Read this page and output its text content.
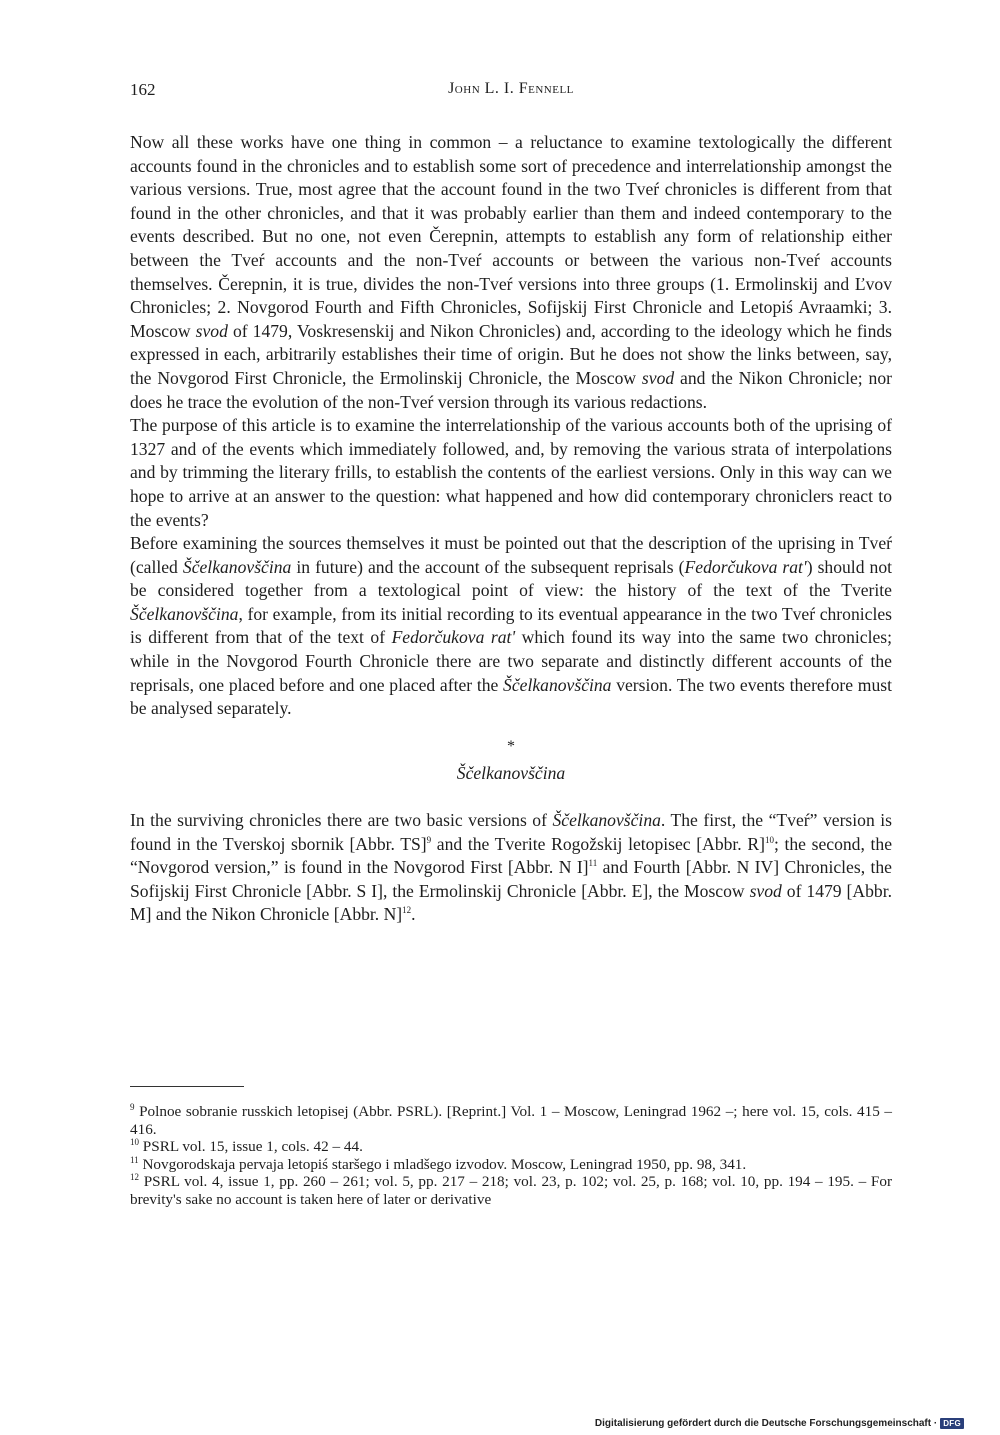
162	John L. I. Fennell

Now all these works have one thing in common – a reluctance to examine textologically the different accounts found in the chronicles and to establish some sort of precedence and interrelationship amongst the various versions. True, most agree that the account found in the two Tveŕ chronicles is different from that found in the other chronicles, and that it was probably earlier than them and indeed contemporary to the events described. But no one, not even Čerepnin, attempts to establish any form of relationship either between the Tveŕ accounts and the non-Tveŕ accounts or between the various non-Tveŕ accounts themselves. Čerepnin, it is true, divides the non-Tveŕ versions into three groups (1. Ermolinskij and Ľvov Chronicles; 2. Novgorod Fourth and Fifth Chronicles, Sofijskij First Chronicle and Letopiś Avraamki; 3. Moscow svod of 1479, Voskresenskij and Nikon Chronicles) and, according to the ideology which he finds expressed in each, arbitrarily establishes their time of origin. But he does not show the links between, say, the Novgorod First Chronicle, the Ermolinskij Chronicle, the Moscow svod and the Nikon Chronicle; nor does he trace the evolution of the non-Tveŕ version through its various redactions.

The purpose of this article is to examine the interrelationship of the various accounts both of the uprising of 1327 and of the events which immediately followed, and, by removing the various strata of interpolations and by trimming the literary frills, to establish the contents of the earliest versions. Only in this way can we hope to arrive at an answer to the question: what happened and how did contemporary chroniclers react to the events?

Before examining the sources themselves it must be pointed out that the description of the uprising in Tveŕ (called Ščelkanovščina in future) and the account of the subsequent reprisals (Fedorčukova rat') should not be considered together from a textological point of view: the history of the text of the Tverite Ščelkanovščina, for example, from its initial recording to its eventual appearance in the two Tveŕ chronicles is different from that of the text of Fedorčukova rat' which found its way into the same two chronicles; while in the Novgorod Fourth Chronicle there are two separate and distinctly different accounts of the reprisals, one placed before and one placed after the Ščelkanovščina version. The two events therefore must be analysed separately.

*
Ščelkanovščina

In the surviving chronicles there are two basic versions of Ščelkanovščina. The first, the “Tveŕ” version is found in the Tverskoj sbornik [Abbr. TS]$^9$ and the Tverite Rogožskij letopisec [Abbr. R]$^{10}$; the second, the “Novgorod version,” is found in the Novgorod First [Abbr. N I]$^{11}$ and Fourth [Abbr. N IV] Chronicles, the Sofijskij First Chronicle [Abbr. S I], the Ermolinskij Chronicle [Abbr. E], the Moscow svod of 1479 [Abbr. M] and the Nikon Chronicle [Abbr. N]$^{12}$.

$^9$ Polnoe sobranie russkich letopisej (Abbr. PSRL). [Reprint.] Vol. 1 – Moscow, Leningrad 1962 –; here vol. 15, cols. 415 – 416.

$^{10}$ PSRL vol. 15, issue 1, cols. 42 – 44.

$^{11}$ Novgorodskaja pervaja letopiś staršego i mladšego izvodov. Moscow, Leningrad 1950, pp. 98, 341.

$^{12}$ PSRL vol. 4, issue 1, pp. 260 – 261; vol. 5, pp. 217 – 218; vol. 23, p. 102; vol. 25, p. 168; vol. 10, pp. 194 – 195. – For brevity's sake no account is taken here of later or derivative

Digitalisierung gefördert durch die Deutsche Forschungsgemeinschaft · DFG
